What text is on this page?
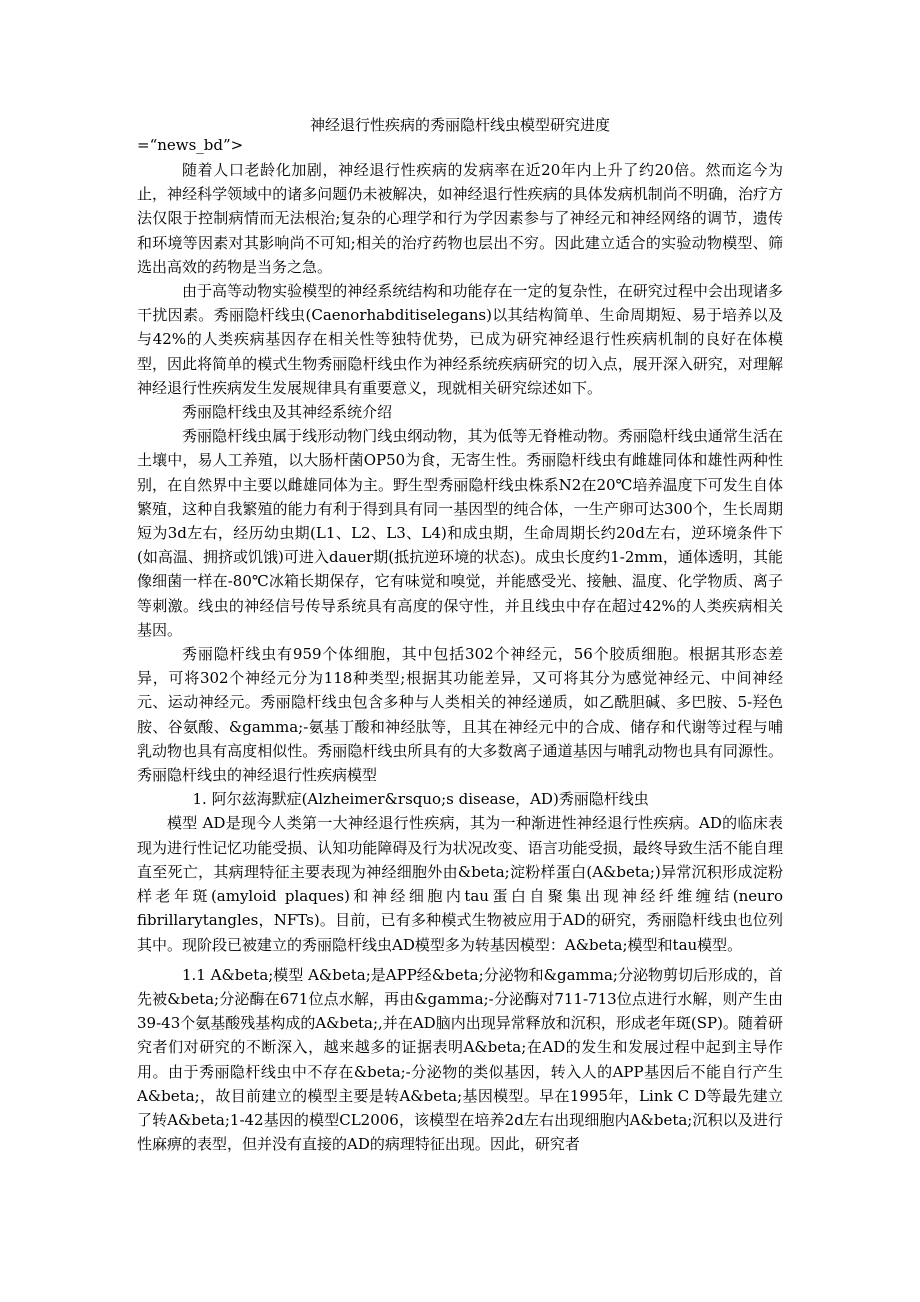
神经退行性疾病的秀丽隐杆线虫模型研究进度
=“news_bd”>

随着人口老龄化加剧，神经退行性疾病的发病率在近20年内上升了约20倍。然而迄今为止，神经科学领域中的诸多问题仍未被解决，如神经退行性疾病的具体发病机制尚不明确，治疗方法仅限于控制病情而无法根治;复杂的心理学和行为学因素参与了神经元和神经网络的调节，遗传和环境等因素对其影响尚不可知;相关的治疗药物也层出不穷。因此建立适合的实验动物模型、筛选出高效的药物是当务之急。

由于高等动物实验模型的神经系统结构和功能存在一定的复杂性，在研究过程中会出现诸多干扰因素。秀丽隐杆线虫(Caenorhabditiselegans)以其结构简单、生命周期短、易于培养以及与42%的人类疾病基因存在相关性等独特优势，已成为研究神经退行性疾病机制的良好在体模型，因此将简单的模式生物秀丽隐杆线虫作为神经系统疾病研究的切入点，展开深入研究，对理解神经退行性疾病发生发展规律具有重要意义，现就相关研究综述如下。

秀丽隐杆线虫及其神经系统介绍

秀丽隐杆线虫属于线形动物门线虫纲动物，其为低等无脊椎动物。秀丽隐杆线虫通常生活在土壤中，易人工养殖，以大肠杆菌OP50为食，无寄生性。秀丽隐杆线虫有雌雄同体和雄性两种性别，在自然界中主要以雌雄同体为主。野生型秀丽隐杆线虫株系N2在20℃培养温度下可发生自体繁殖，这种自我繁殖的能力有利于得到具有同一基因型的纯合体，一生产卵可达300个，生长周期短为3d左右，经历幼虫期(L1、L2、L3、L4)和成虫期，生命周期长约20d左右，逆环境条件下(如高温、拥挤或饥饿)可进入dauer期(抵抗逆环境的状态)。成虫长度约1-2mm，通体透明，其能像细菌一样在-80℃冰箱长期保存，它有味觉和嗅觉，并能感受光、接触、温度、化学物质、离子等刺激。线虫的神经信号传导系统具有高度的保守性，并且线虫中存在超过42%的人类疾病相关基因。

秀丽隐杆线虫有959个体细胞，其中包括302个神经元，56个胶质细胞。根据其形态差异，可将302个神经元分为118种类型;根据其功能差异，又可将其分为感觉神经元、中间神经元、运动神经元。秀丽隐杆线虫包含多种与人类相关的神经递质，如乙酰胆碱、多巴胺、5-羟色胺、谷氨酸、&gamma;-氨基丁酸和神经肽等，且其在神经元中的合成、储存和代谢等过程与哺乳动物也具有高度相似性。秀丽隐杆线虫所具有的大多数离子通道基因与哺乳动物也具有同源性。秀丽隐杆线虫的神经退行性疾病模型

1. 阿尔兹海默症(Alzheimer&rsquo;s disease，AD)秀丽隐杆线虫

模型 AD是现今人类第一大神经退行性疾病，其为一种渐进性神经退行性疾病。AD的临床表现为进行性记忆功能受损、认知功能障碍及行为状况改变、语言功能受损，最终导致生活不能自理直至死亡，其病理特征主要表现为神经细胞外由&beta;淀粉样蛋白(A&beta;)异常沉积形成淀粉样老年斑(amyloid plaques)和神经细胞内tau蛋白自聚集出现神经纤维缠结(neuro fibrillarytangles，NFTs)。目前，已有多种模式生物被应用于AD的研究，秀丽隐杆线虫也位列其中。现阶段已被建立的秀丽隐杆线虫AD模型多为转基因模型：A&beta;模型和tau模型。

1.1 A&beta;模型 A&beta;是APP经&beta;分泌物和&gamma;分泌物剪切后形成的，首先被&beta;分泌酶在671位点水解，再由&gamma;-分泌酶对711-713位点进行水解，则产生由39-43个氨基酸残基构成的A&beta;,并在AD脑内出现异常释放和沉积，形成老年斑(SP)。随着研究者们对研究的不断深入，越来越多的证据表明A&beta;在AD的发生和发展过程中起到主导作用。由于秀丽隐杆线虫中不存在&beta;-分泌物的类似基因，转入人的APP基因后不能自行产生A&beta;，故目前建立的模型主要是转A&beta;基因模型。早在1995年，Link C D等最先建立了转A&beta;1-42基因的模型CL2006，该模型在培养2d左右出现细胞内A&beta;沉积以及进行性麻痹的表型，但并没有直接的AD的病理特征出现。因此，研究者
